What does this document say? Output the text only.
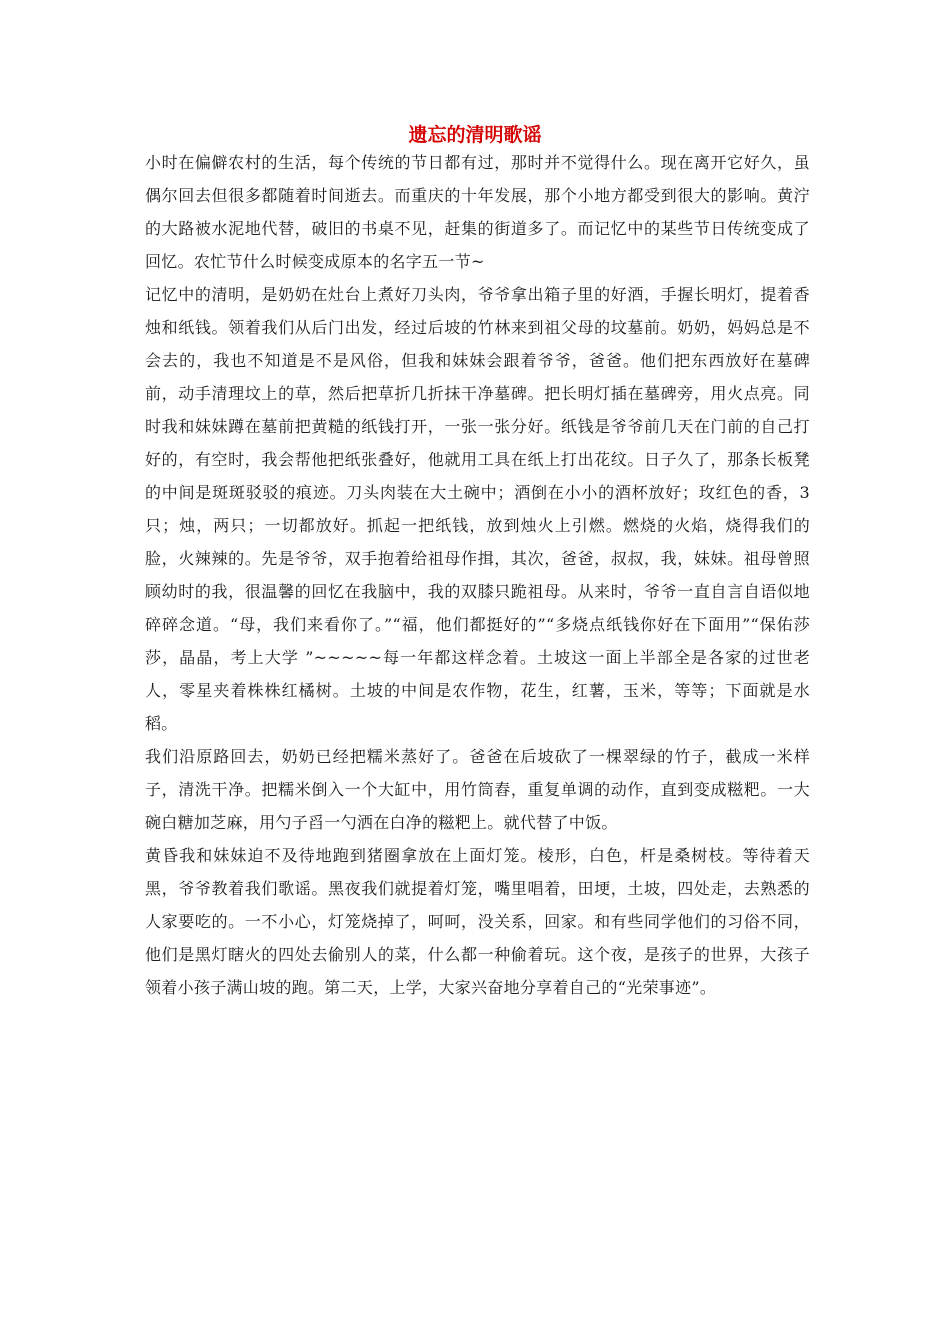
遗忘的清明歌谣

小时在偏僻农村的生活，每个传统的节日都有过，那时并不觉得什么。现在离开它好久，虽偶尔回去但很多都随着时间逝去。而重庆的十年发展，那个小地方都受到很大的影响。黄泞的大路被水泥地代替，破旧的书桌不见，赶集的街道多了。而记忆中的某些节日传统变成了回忆。农忙节什么时候变成原本的名字五一节~

记忆中的清明，是奶奶在灶台上煮好刀头肉，爷爷拿出箱子里的好酒，手握长明灯，提着香烛和纸钱。领着我们从后门出发，经过后坡的竹林来到祖父母的坟墓前。奶奶，妈妈总是不会去的，我也不知道是不是风俗，但我和妹妹会跟着爷爷，爸爸。他们把东西放好在墓碑前，动手清理坟上的草，然后把草折几折抹干净墓碑。把长明灯插在墓碑旁，用火点亮。同时我和妹妹蹲在墓前把黄糙的纸钱打开，一张一张分好。纸钱是爷爷前几天在门前的自己打好的，有空时，我会帮他把纸张叠好，他就用工具在纸上打出花纹。日子久了，那条长板凳的中间是斑斑驳驳的痕迹。刀头肉装在大土碗中；酒倒在小小的酒杯放好；玫红色的香，3只；烛，两只；一切都放好。抓起一把纸钱，放到烛火上引燃。燃烧的火焰，烧得我们的脸，火辣辣的。先是爷爷，双手抱着给祖母作揖，其次，爸爸，叔叔，我，妹妹。祖母曾照顾幼时的我，很温馨的回忆在我脑中，我的双膝只跪祖母。从来时，爷爷一直自言自语似地碎碎念道。“母，我们来看你了。”“福，他们都挺好的”“多烧点纸钱你好在下面用”“保佑莎莎，晶晶，考上大学 ”~~~~~每一年都这样念着。土坡这一面上半部全是各家的过世老人，零星夹着株株红橘树。土坡的中间是农作物，花生，红薯，玉米，等等；下面就是水稻。

我们沿原路回去，奶奶已经把糯米蒸好了。爸爸在后坡砍了一棵翠绿的竹子，截成一米样子，清洗干净。把糯米倒入一个大缸中，用竹筒舂，重复单调的动作，直到变成糍粑。一大碗白糖加芝麻，用勺子舀一勺洒在白净的糍粑上。就代替了中饭。

黄昏我和妹妹迫不及待地跑到猪圈拿放在上面灯笼。棱形，白色，杆是桑树枝。等待着天黑，爷爷教着我们歌谣。黑夜我们就提着灯笼，嘴里唱着，田埂，土坡，四处走，去熟悉的人家要吃的。一不小心，灯笼烧掉了，呵呵，没关系，回家。和有些同学他们的习俗不同，他们是黑灯瞎火的四处去偷别人的菜，什么都一种偷着玩。这个夜，是孩子的世界，大孩子领着小孩子满山坡的跑。第二天，上学，大家兴奋地分享着自己的“光荣事迹”。
